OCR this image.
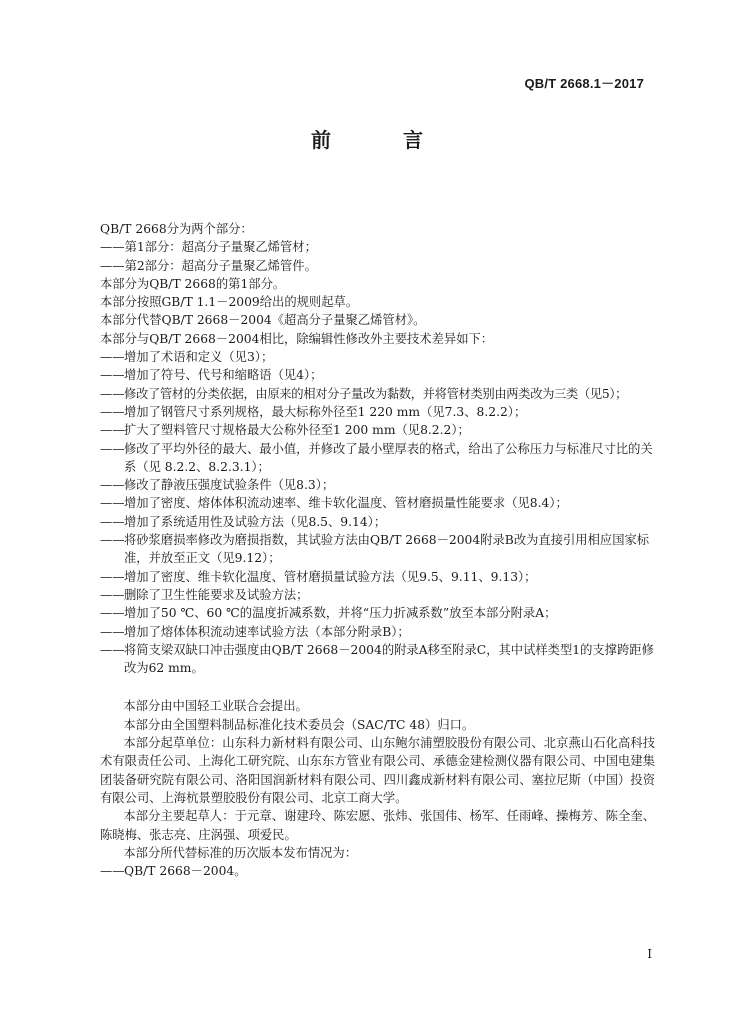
QB/T 2668.1－2017
前　言
QB/T 2668分为两个部分：
——第1部分：超高分子量聚乙烯管材；
——第2部分：超高分子量聚乙烯管件。
本部分为QB/T 2668的第1部分。
本部分按照GB/T 1.1－2009给出的规则起草。
本部分代替QB/T 2668－2004《超高分子量聚乙烯管材》。
本部分与QB/T 2668－2004相比，除编辑性修改外主要技术差异如下：
—— 增加了术语和定义（见3）；
—— 增加了符号、代号和缩略语（见4）；
—— 修改了管材的分类依据，由原来的相对分子量改为黏数，并将管材类别由两类改为三类（见5）；
—— 增加了钢管尺寸系列规格，最大标称外径至1 220 mm（见7.3、8.2.2）；
—— 扩大了塑料管尺寸规格最大公称外径至1 200 mm（见8.2.2）；
—— 修改了平均外径的最大、最小值，并修改了最小壁厚表的格式，给出了公称压力与标准尺寸比的关系（见 8.2.2、8.2.3.1）；
—— 修改了静液压强度试验条件（见8.3）；
—— 增加了密度、熔体体积流动速率、维卡软化温度、管材磨损量性能要求（见8.4）；
—— 增加了系统适用性及试验方法（见8.5、9.14）；
—— 将砂浆磨损率修改为磨损指数，其试验方法由QB/T 2668－2004附录B改为直接引用相应国家标准，并放至正文（见9.12）；
—— 增加了密度、维卡软化温度、管材磨损量试验方法（见9.5、9.11、9.13）；
—— 删除了卫生性能要求及试验方法；
—— 增加了50 ℃、60 ℃的温度折减系数，并将“压力折减系数”放至本部分附录A；
—— 增加了熔体体积流动速率试验方法（本部分附录B）；
—— 将简支梁双缺口冲击强度由QB/T 2668－2004的附录A移至附录C，其中试样类型1的支撑跨距修改为62 mm。
本部分由中国轻工业联合会提出。
本部分由全国塑料制品标准化技术委员会（SAC/TC 48）归口。
本部分起草单位：山东科力新材料有限公司、山东鲍尔浦塑胶股份有限公司、北京燕山石化高科技术有限责任公司、上海化工研究院、山东东方管业有限公司、承德金建检测仪器有限公司、中国电建集团装备研究院有限公司、洛阳国润新材料有限公司、四川鑫成新材料有限公司、塞拉尼斯（中国）投资有限公司、上海杭景塑胶股份有限公司、北京工商大学。
本部分主要起草人：于元章、谢建玲、陈宏愿、张炜、张国伟、杨军、任雨峰、操梅芳、陈全奎、陈晓梅、张志亮、庄涡强、项爱民。
本部分所代替标准的历次版本发布情况为：
—— QB/T 2668－2004。
I
